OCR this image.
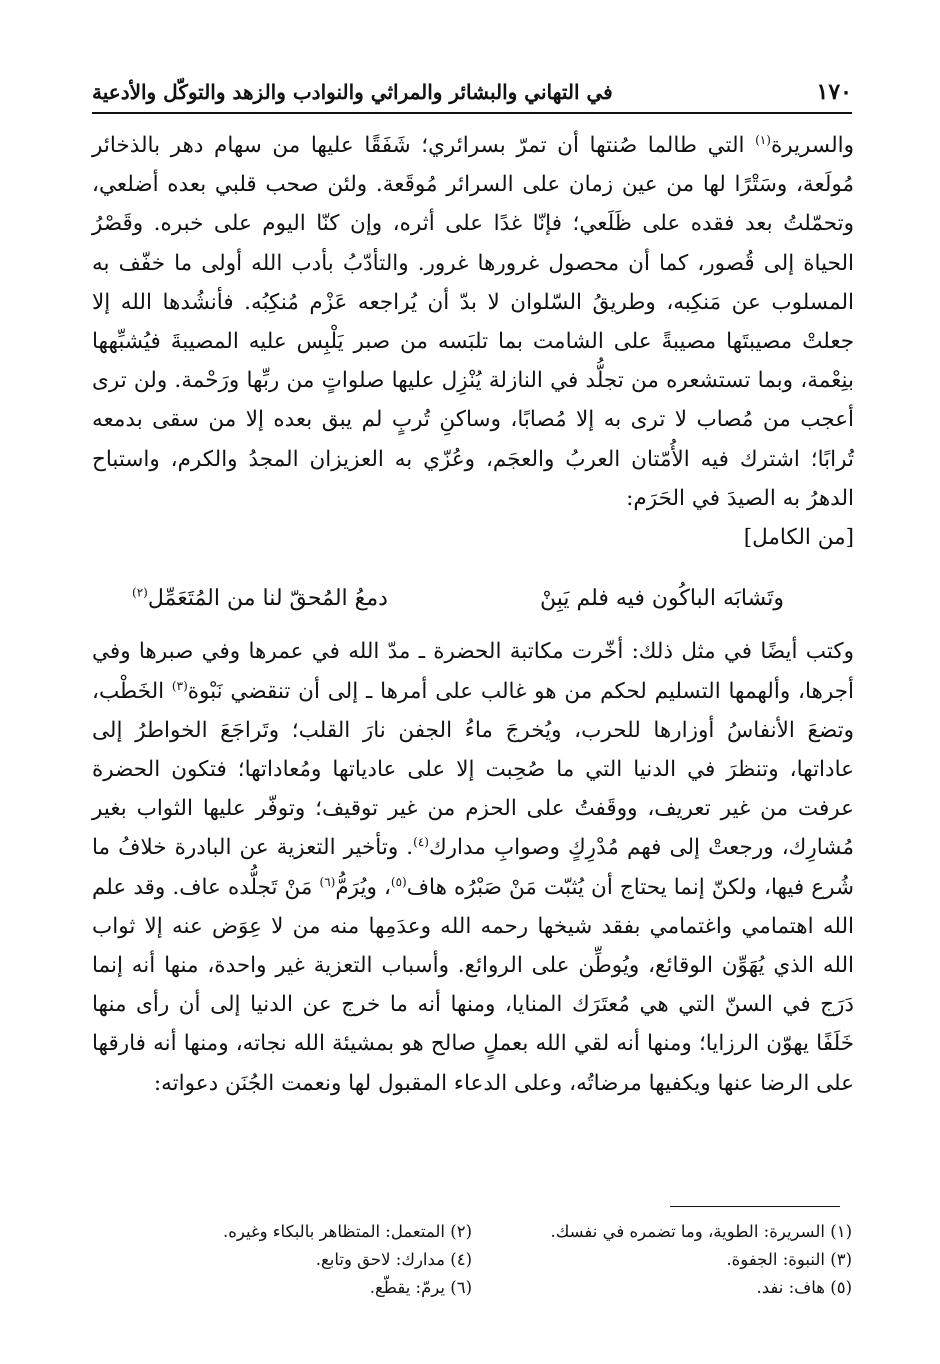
١٧٠
في التهاني والبشائر والمراثي والنوادب والزهد والتوكّل والأدعية

والسريرة$^{(١)}$ التي طالما صُنتها أن تمرّ بسرائري؛ شَفَقًا عليها من سهام دهر بالذخائر مُولَعة، وسَتْرًا لها من عين زمان على السرائر مُوقَعة. ولئن صحب قلبي بعده أضلعي، وتحمّلتُ بعد فقده على ظَلَعي؛ فإنّا غدًا على أثره، وإن كنّا اليوم على خبره. وقَصْرُ الحياة إلى قُصور، كما أن محصول غرورها غرور. والتأدّبُ بأدب الله أولى ما خفّف به المسلوب عن مَنكِبه، وطريقُ السّلوان لا بدّ أن يُراجعه عَزْم مُنكِبُه. فأنشُدها الله إلا جعلتْ مصيبتَها مصيبةً على الشامت بما تلبَسه من صبر يَلْبِس عليه المصيبةَ فيُشبِّهها بنِعْمة، وبما تستشعره من تجلُّد في النازلة يُنْزِل عليها صلواتٍ من ربِّها ورَحْمة. ولن ترى أعجب من مُصاب لا ترى به إلا مُصابًا، وساكنِ تُربٍ لم يبق بعده إلا من سقى بدمعه تُرابًا؛ اشترك فيه الأُمّتان العربُ والعجَم، وعُزّي به العزيزان المجدُ والكرم، واستباح الدهرُ به الصيدَ في الحَرَم:

[من الكامل]

وتَشابَه الباكُون فيه فلم يَبِنْ
دمعُ المُحقّ لنا من المُتَعَمِّل$^{(٢)}$

وكتب أيضًا في مثل ذلك: أخّرت مكاتبة الحضرة ـ مدّ الله في عمرها وفي صبرها وفي أجرها، وألهمها التسليم لحكم من هو غالب على أمرها ـ إلى أن تنقضي نَبْوة$^{(٣)}$ الخَطْب، وتضعَ الأنفاسُ أوزارها للحرب، ويُخرجَ ماءُ الجفن نارَ القلب؛ وتَراجَعَ الخواطرُ إلى عاداتها، وتنظرَ في الدنيا التي ما صُحِبت إلا على عادياتها ومُعاداتها؛ فتكون الحضرة عرفت من غير تعريف، ووقَفتُ على الحزم من غير توقيف؛ وتوفّر عليها الثواب بغير مُشارِك، ورجعتْ إلى فهم مُدْرِكٍ وصوابِ مدارك$^{(٤)}$. وتأخير التعزية عن البادرة خلافُ ما شُرع فيها، ولكنّ إنما يحتاج أن يُثبّت مَنْ صَبْرُه هاف$^{(٥)}$، ويُرَمُّ$^{(٦)}$ مَنْ تَجلُّده عاف. وقد علم الله اهتمامي واغتمامي بفقد شيخها رحمه الله وعدَمِها منه من لا عِوَض عنه إلا ثواب الله الذي يُهَوِّن الوقائع، ويُوطِّن على الروائع. وأسباب التعزية غير واحدة، منها أنه إنما دَرَج في السنّ التي هي مُعتَرَك المنايا، ومنها أنه ما خرج عن الدنيا إلى أن رأى منها خَلَفًا يهوّن الرزايا؛ ومنها أنه لقي الله بعملٍ صالح هو بمشيئة الله نجاته، ومنها أنه فارقها على الرضا عنها ويكفيها مرضاتُه، وعلى الدعاء المقبول لها ونعمت الجُنَن دعواته:

(١) السريرة: الطوية، وما تضمره في نفسك.
(٢) المتعمل: المتظاهر بالبكاء وغيره.
(٣) النبوة: الجفوة.
(٤) مدارك: لاحق وتابع.
(٥) هاف: نفد.
(٦) يرمّ: يقطّع.
